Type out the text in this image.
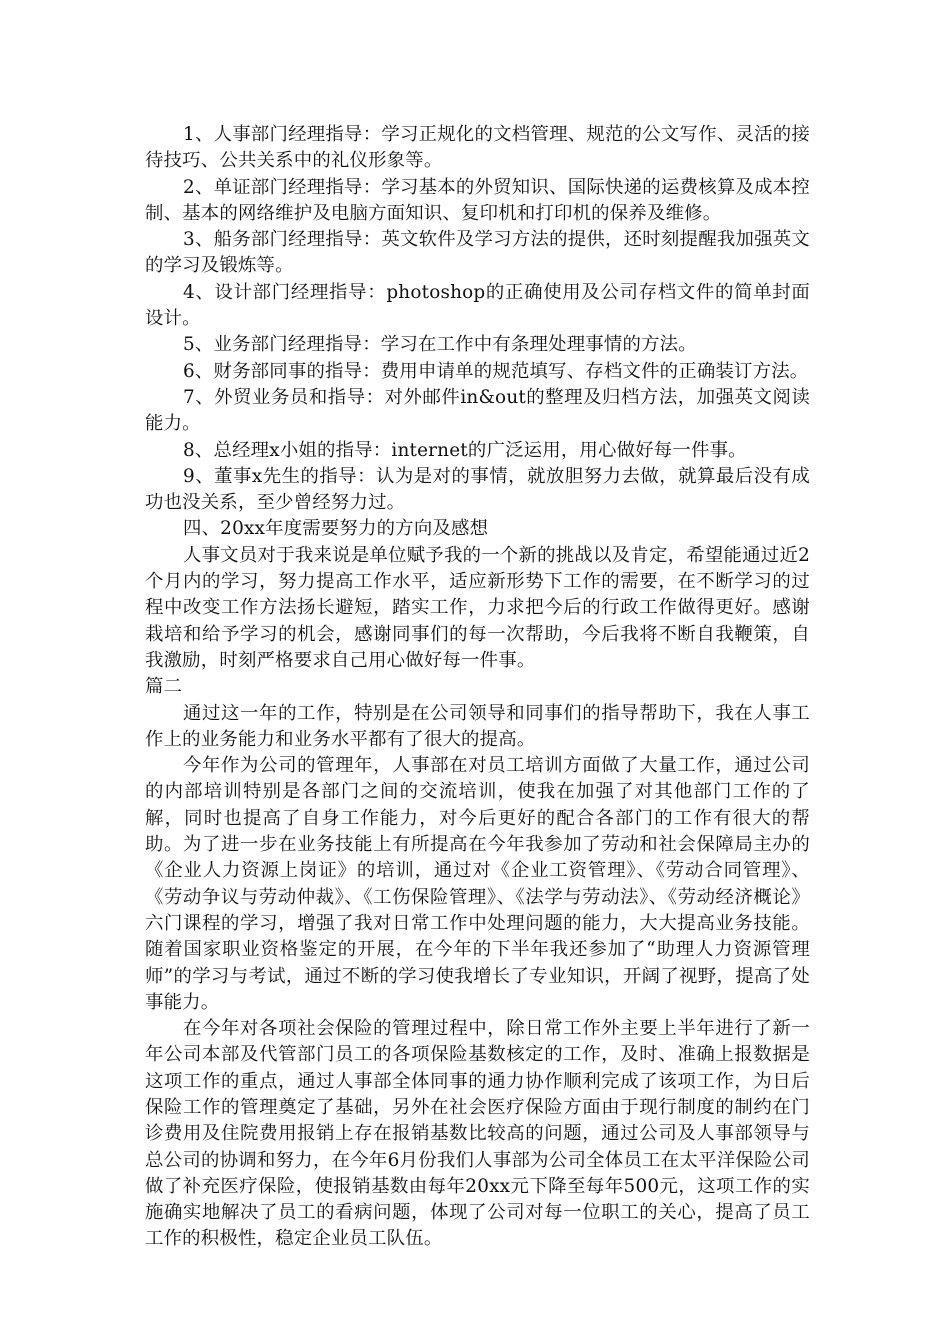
1、人事部门经理指导：学习正规化的文档管理、规范的公文写作、灵活的接待技巧、公共关系中的礼仪形象等。

2、单证部门经理指导：学习基本的外贸知识、国际快递的运费核算及成本控制、基本的网络维护及电脑方面知识、复印机和打印机的保养及维修。

3、船务部门经理指导：英文软件及学习方法的提供，还时刻提醒我加强英文的学习及锻炼等。

4、设计部门经理指导：photoshop的正确使用及公司存档文件的简单封面设计。

5、业务部门经理指导：学习在工作中有条理处理事情的方法。

6、财务部同事的指导：费用申请单的规范填写、存档文件的正确装订方法。

7、外贸业务员和指导：对外邮件in&out的整理及归档方法，加强英文阅读能力。

8、总经理x小姐的指导：internet的广泛运用，用心做好每一件事。

9、董事x先生的指导：认为是对的事情，就放胆努力去做，就算最后没有成功也没关系，至少曾经努力过。

四、20xx年度需要努力的方向及感想

人事文员对于我来说是单位赋予我的一个新的挑战以及肯定，希望能通过近2个月内的学习，努力提高工作水平，适应新形势下工作的需要，在不断学习的过程中改变工作方法扬长避短，踏实工作，力求把今后的行政工作做得更好。感谢栽培和给予学习的机会，感谢同事们的每一次帮助，今后我将不断自我鞭策，自我激励，时刻严格要求自己用心做好每一件事。

篇二

通过这一年的工作，特别是在公司领导和同事们的指导帮助下，我在人事工作上的业务能力和业务水平都有了很大的提高。

今年作为公司的管理年，人事部在对员工培训方面做了大量工作，通过公司的内部培训特别是各部门之间的交流培训，使我在加强了对其他部门工作的了解，同时也提高了自身工作能力，对今后更好的配合各部门的工作有很大的帮助。为了进一步在业务技能上有所提高在今年我参加了劳动和社会保障局主办的《企业人力资源上岗证》的培训，通过对《企业工资管理》、《劳动合同管理》、《劳动争议与劳动仲裁》、《工伤保险管理》、《法学与劳动法》、《劳动经济概论》六门课程的学习，增强了我对日常工作中处理问题的能力，大大提高业务技能。随着国家职业资格鉴定的开展，在今年的下半年我还参加了“助理人力资源管理师”的学习与考试，通过不断的学习使我增长了专业知识，开阔了视野，提高了处事能力。

在今年对各项社会保险的管理过程中，除日常工作外主要上半年进行了新一年公司本部及代管部门员工的各项保险基数核定的工作，及时、准确上报数据是这项工作的重点，通过人事部全体同事的通力协作顺利完成了该项工作，为日后保险工作的管理奠定了基础，另外在社会医疗保险方面由于现行制度的制约在门诊费用及住院费用报销上存在报销基数比较高的问题，通过公司及人事部领导与总公司的协调和努力，在今年6月份我们人事部为公司全体员工在太平洋保险公司做了补充医疗保险，使报销基数由每年20xx元下降至每年500元，这项工作的实施确实地解决了员工的看病问题，体现了公司对每一位职工的关心，提高了员工工作的积极性，稳定企业员工队伍。
